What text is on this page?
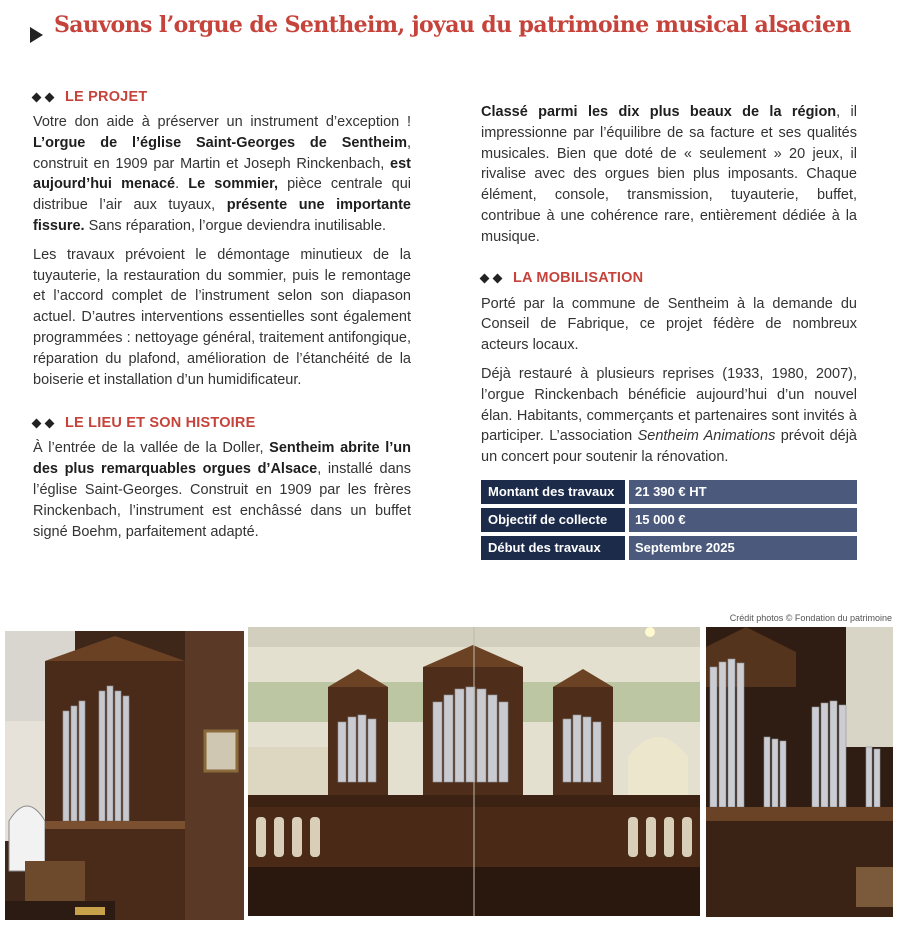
Sauvons l’orgue de Sentheim, joyau du patrimoine musical alsacien
LE PROJET

Votre don aide à préserver un instrument d’exception ! L’orgue de l’église Saint-Georges de Sentheim, construit en 1909 par Martin et Joseph Rinckenbach, est aujourd’hui menacé. Le sommier, pièce centrale qui distribue l’air aux tuyaux, présente une importante fissure. Sans réparation, l’orgue deviendra inutilisable.

Les travaux prévoient le démontage minutieux de la tuyauterie, la restauration du sommier, puis le remontage et l’accord complet de l’instrument selon son diapason actuel. D’autres interventions essentielles sont également programmées : nettoyage général, traitement antifongique, réparation du plafond, amélioration de l’étanchéité de la boiserie et installation d’un humidificateur.

LE LIEU ET SON HISTOIRE

À l’entrée de la vallée de la Doller, Sentheim abrite l’un des plus remarquables orgues d’Alsace, installé dans l’église Saint-Georges. Construit en 1909 par les frères Rinckenbach, l’instrument est enchâssé dans un buffet signé Boehm, parfaitement adapté.

Classé parmi les dix plus beaux de la région, il impressionne par l’équilibre de sa facture et ses qualités musicales. Bien que doté de « seulement » 20 jeux, il rivalise avec des orgues bien plus imposants. Chaque élément, console, transmission, tuyauterie, buffet, contribue à une cohérence rare, entièrement dédiée à la musique.

LA MOBILISATION

Porté par la commune de Sentheim à la demande du Conseil de Fabrique, ce projet fédère de nombreux acteurs locaux.

Déjà restauré à plusieurs reprises (1933, 1980, 2007), l’orgue Rinckenbach bénéficie aujourd’hui d’un nouvel élan. Habitants, commerçants et partenaires sont invités à participer. L’association Sentheim Animations prévoit déjà un concert pour soutenir la rénovation.

Montant des travaux	21 390 € HT
Objectif de collecte	15 000 €
Début des travaux	Septembre 2025
Crédit photos © Fondation du patrimoine
